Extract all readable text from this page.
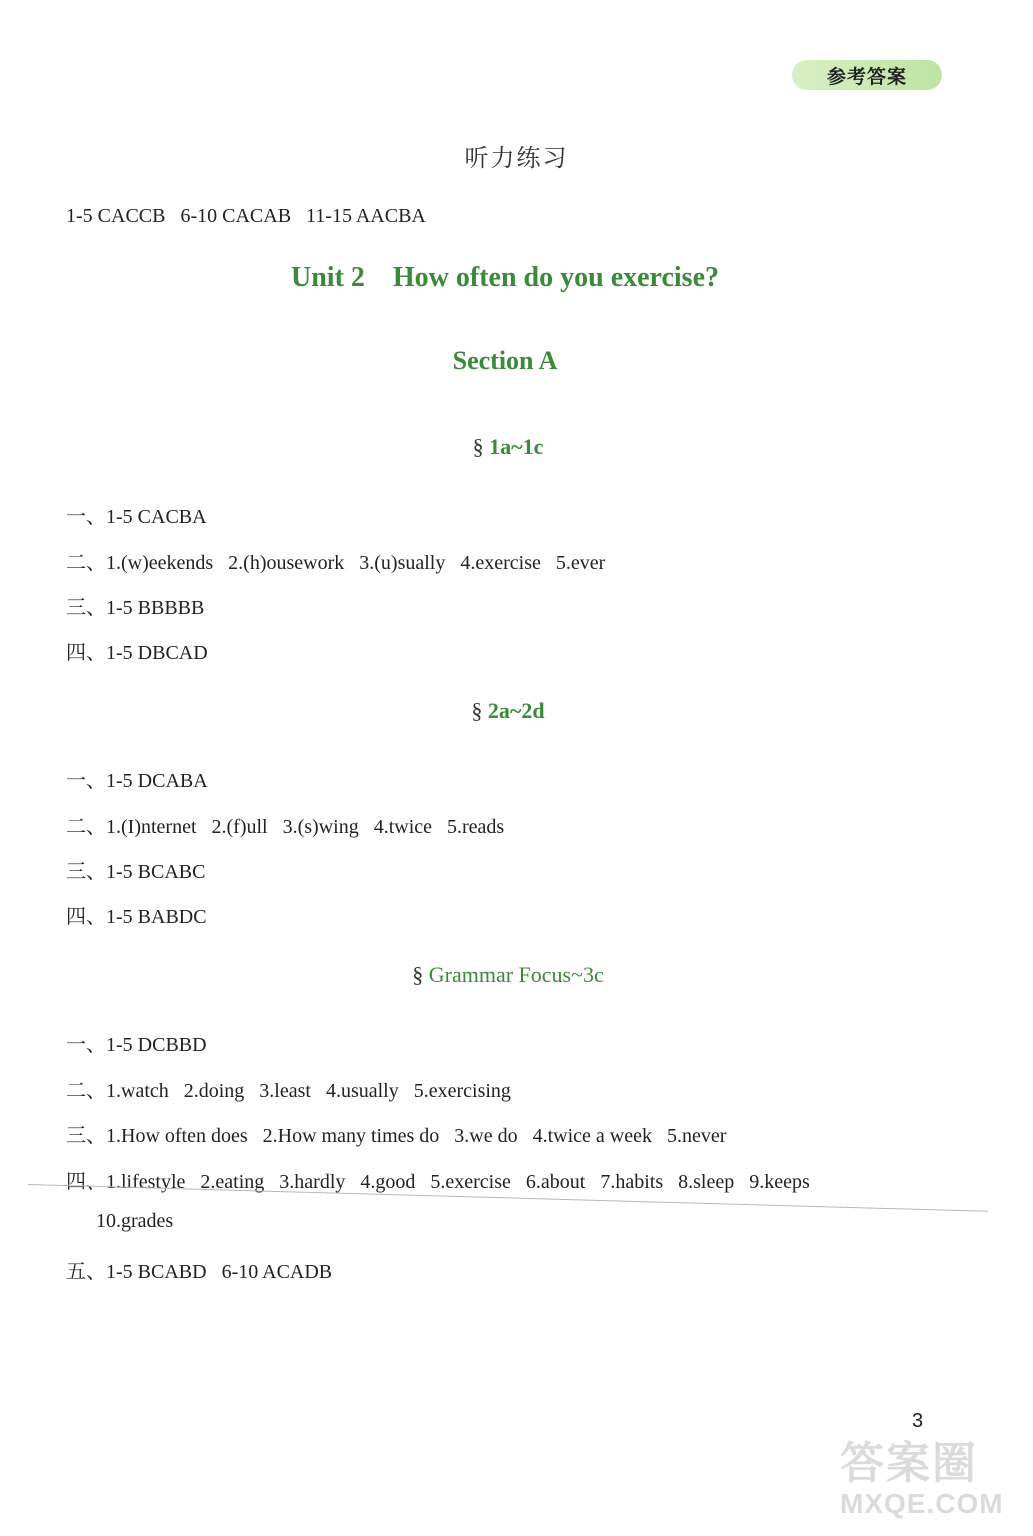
参考答案
听力练习
1-5 CACCB   6-10 CACAB   11-15 AACBA
Unit 2    How often do you exercise?
Section A
§ 1a~1c
一、1-5 CACBA
二、1.(w)eekends   2.(h)ousework   3.(u)sually   4.exercise   5.ever
三、1-5 BBBBB
四、1-5 DBCAD
§ 2a~2d
一、1-5 DCABA
二、1.(I)nternet   2.(f)ull   3.(s)wing   4.twice   5.reads
三、1-5 BCABC
四、1-5 BABDC
§ Grammar Focus~3c
一、1-5 DCBBD
二、1.watch   2.doing   3.least   4.usually   5.exercising
三、1.How often does   2.How many times do   3.we do   4.twice a week   5.never
四、1.lifestyle   2.eating   3.hardly   4.good   5.exercise   6.about   7.habits   8.sleep   9.keeps
10.grades
五、1-5 BCABD   6-10 ACADB
3
答案圈
MXQE.COM
